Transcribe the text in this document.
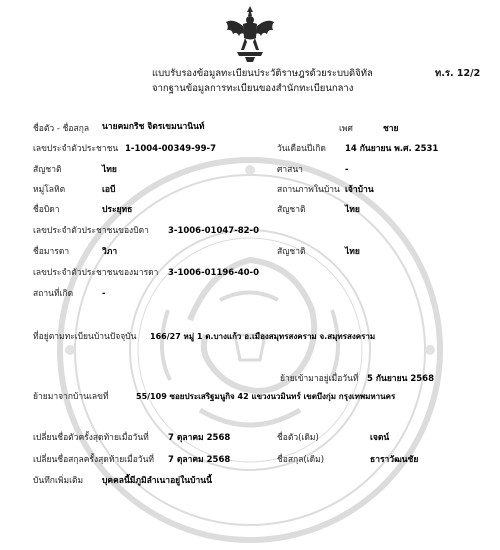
แบบรับรองข้อมูลทะเบียนประวัติราษฎรด้วยระบบดิจิทัล	ท.ร. 12/2
จากฐานข้อมูลการทะเบียนของสำนักทะเบียนกลาง
ชื่อตัว - ชื่อสกุล นายคมกริช จิตรเขมนานินท์	เพศ	ชาย
เลขประจำตัวประชาชน 1-1004-00349-99-7	วันเดือนปีเกิด 14 กันยายน พ.ศ. 2531
สัญชาติ	ไทย	ศาสนา	-
หมู่โลหิต	เอบี	สถานภาพในบ้าน เจ้าบ้าน
ชื่อบิดา	ประยุทธ	สัญชาติ	ไทย
เลขประจำตัวประชาชนของบิดา 3-1006-01047-82-0
ชื่อมารดา	วิภา	สัญชาติ	ไทย
เลขประจำตัวประชาชนของมารดา 3-1006-01196-40-0
สถานที่เกิด	-
ที่อยู่ตามทะเบียนบ้านปัจจุบัน 166/27 หมู่ 1 ต.บางแก้ว อ.เมืองสมุทรสงคราม จ.สมุทรสงคราม
ย้ายเข้ามาอยู่เมื่อวันที่ 5 กันยายน 2568
ย้ายมาจากบ้านเลขที่	55/109 ซอยประเสริฐมนูกิจ 42 แขวงนวมินทร์ เขตบึงกุ่ม กรุงเทพมหานคร
เปลี่ยนชื่อตัวครั้งสุดท้ายเมื่อวันที่ 7 ตุลาคม 2568	ชื่อตัว(เดิม)	เจตน์
เปลี่ยนชื่อสกุลครั้งสุดท้ายเมื่อวันที่ 7 ตุลาคม 2568	ชื่อสกุล(เดิม)	ธาราวัฒนชัย
บันทึกเพิ่มเติม บุคคลนี้มีภูมิลำเนาอยู่ในบ้านนี้
